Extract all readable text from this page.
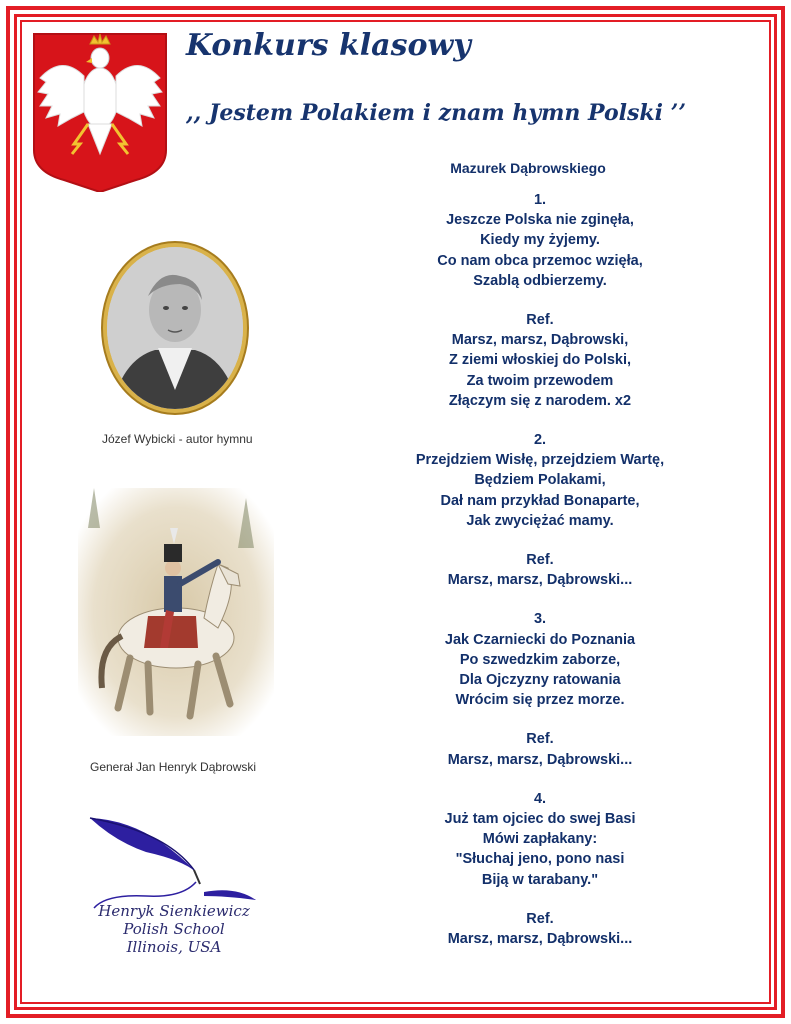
Konkurs klasowy
,, Jestem Polakiem i znam hymn Polski ’’
Józef Wybicki - autor hymnu
Generał Jan Henryk Dąbrowski
Henryk Sienkiewicz
Polish School
Illinois, USA
Mazurek Dąbrowskiego
1.
Jeszcze Polska nie zginęła,
Kiedy my żyjemy.
Co nam obca przemoc wzięła,
Szablą odbierzemy.
Ref.
Marsz, marsz, Dąbrowski,
Z ziemi włoskiej do Polski,
Za twoim przewodem
Złączym się z narodem. x2
2.
Przejdziem Wisłę, przejdziem Wartę,
Będziem Polakami,
Dał nam przykład Bonaparte,
Jak zwyciężać mamy.
Ref.
Marsz, marsz, Dąbrowski...
3.
Jak Czarniecki do Poznania
Po szwedzkim zaborze,
Dla Ojczyzny ratowania
Wrócim się przez morze.
Ref.
Marsz, marsz, Dąbrowski...
4.
Już tam ojciec do swej Basi
Mówi zapłakany:
"Słuchaj jeno, pono nasi
Biją w tarabany."
Ref.
Marsz, marsz, Dąbrowski...
